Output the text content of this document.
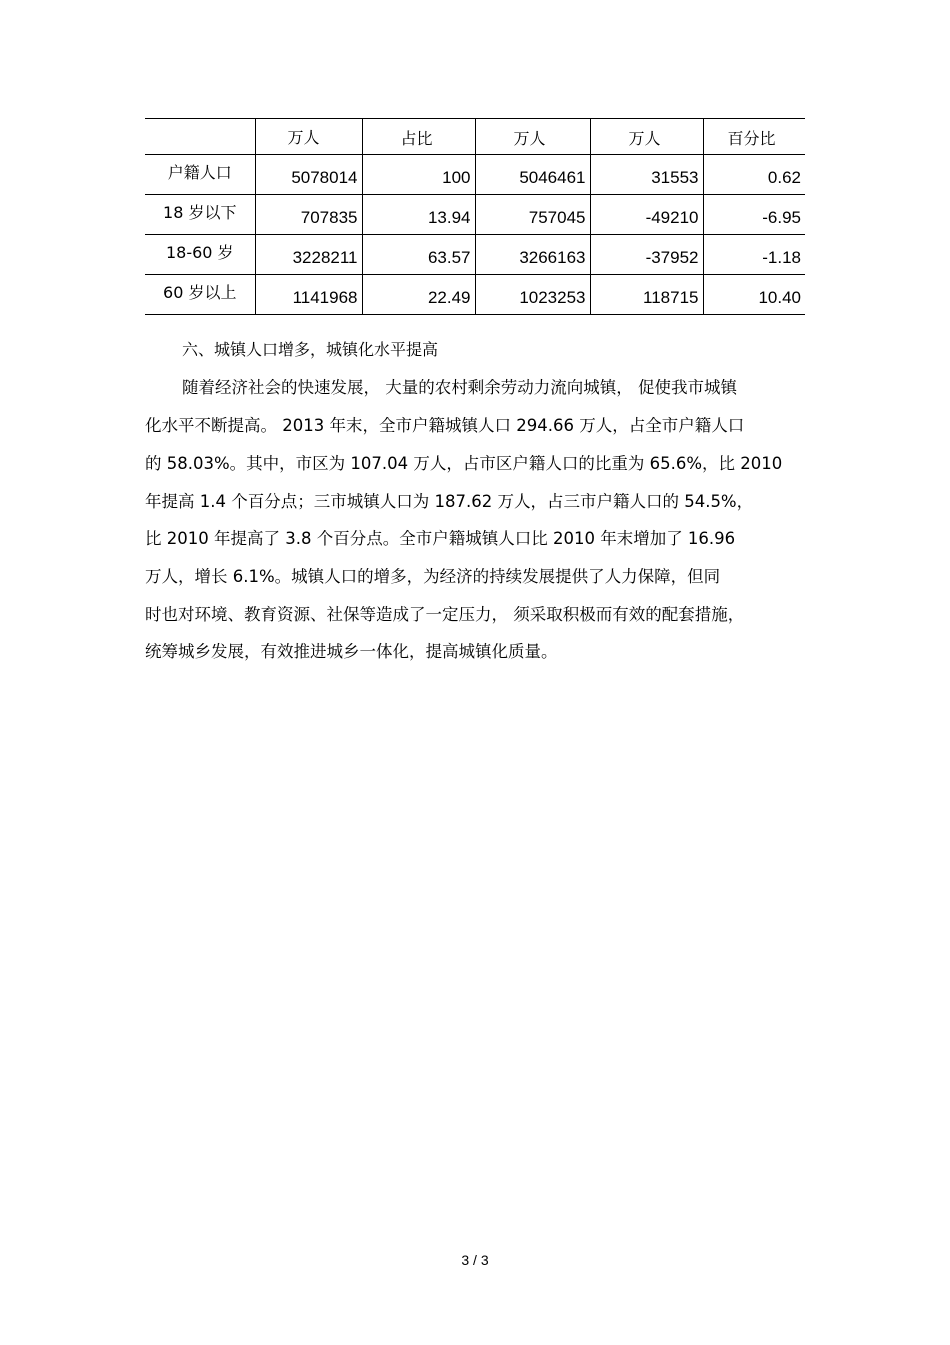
	万人	占比	万人	万人	百分比
户籍人口	5078014	100	5046461	31553	0.62
18 岁以下	707835	13.94	757045	-49210	-6.95
18-60 岁	3228211	63.57	3266163	-37952	-1.18
60 岁以上	1141968	22.49	1023253	118715	10.40
六、城镇人口增多，城镇化水平提高

随着经济社会的快速发展， 大量的农村剩余劳动力流向城镇， 促使我市城镇

化水平不断提高。 2013 年末，全市户籍城镇人口 294.66 万人，占全市户籍人口

的 58.03%。其中，市区为 107.04 万人，占市区户籍人口的比重为 65.6%，比 2010

年提高 1.4 个百分点；三市城镇人口为 187.62 万人，占三市户籍人口的 54.5%，

比 2010 年提高了 3.8 个百分点。全市户籍城镇人口比 2010 年末增加了 16.96

万人，增长 6.1%。城镇人口的增多，为经济的持续发展提供了人力保障，但同

时也对环境、教育资源、社保等造成了一定压力， 须采取积极而有效的配套措施，

统筹城乡发展，有效推进城乡一体化，提高城镇化质量。

3 / 3
